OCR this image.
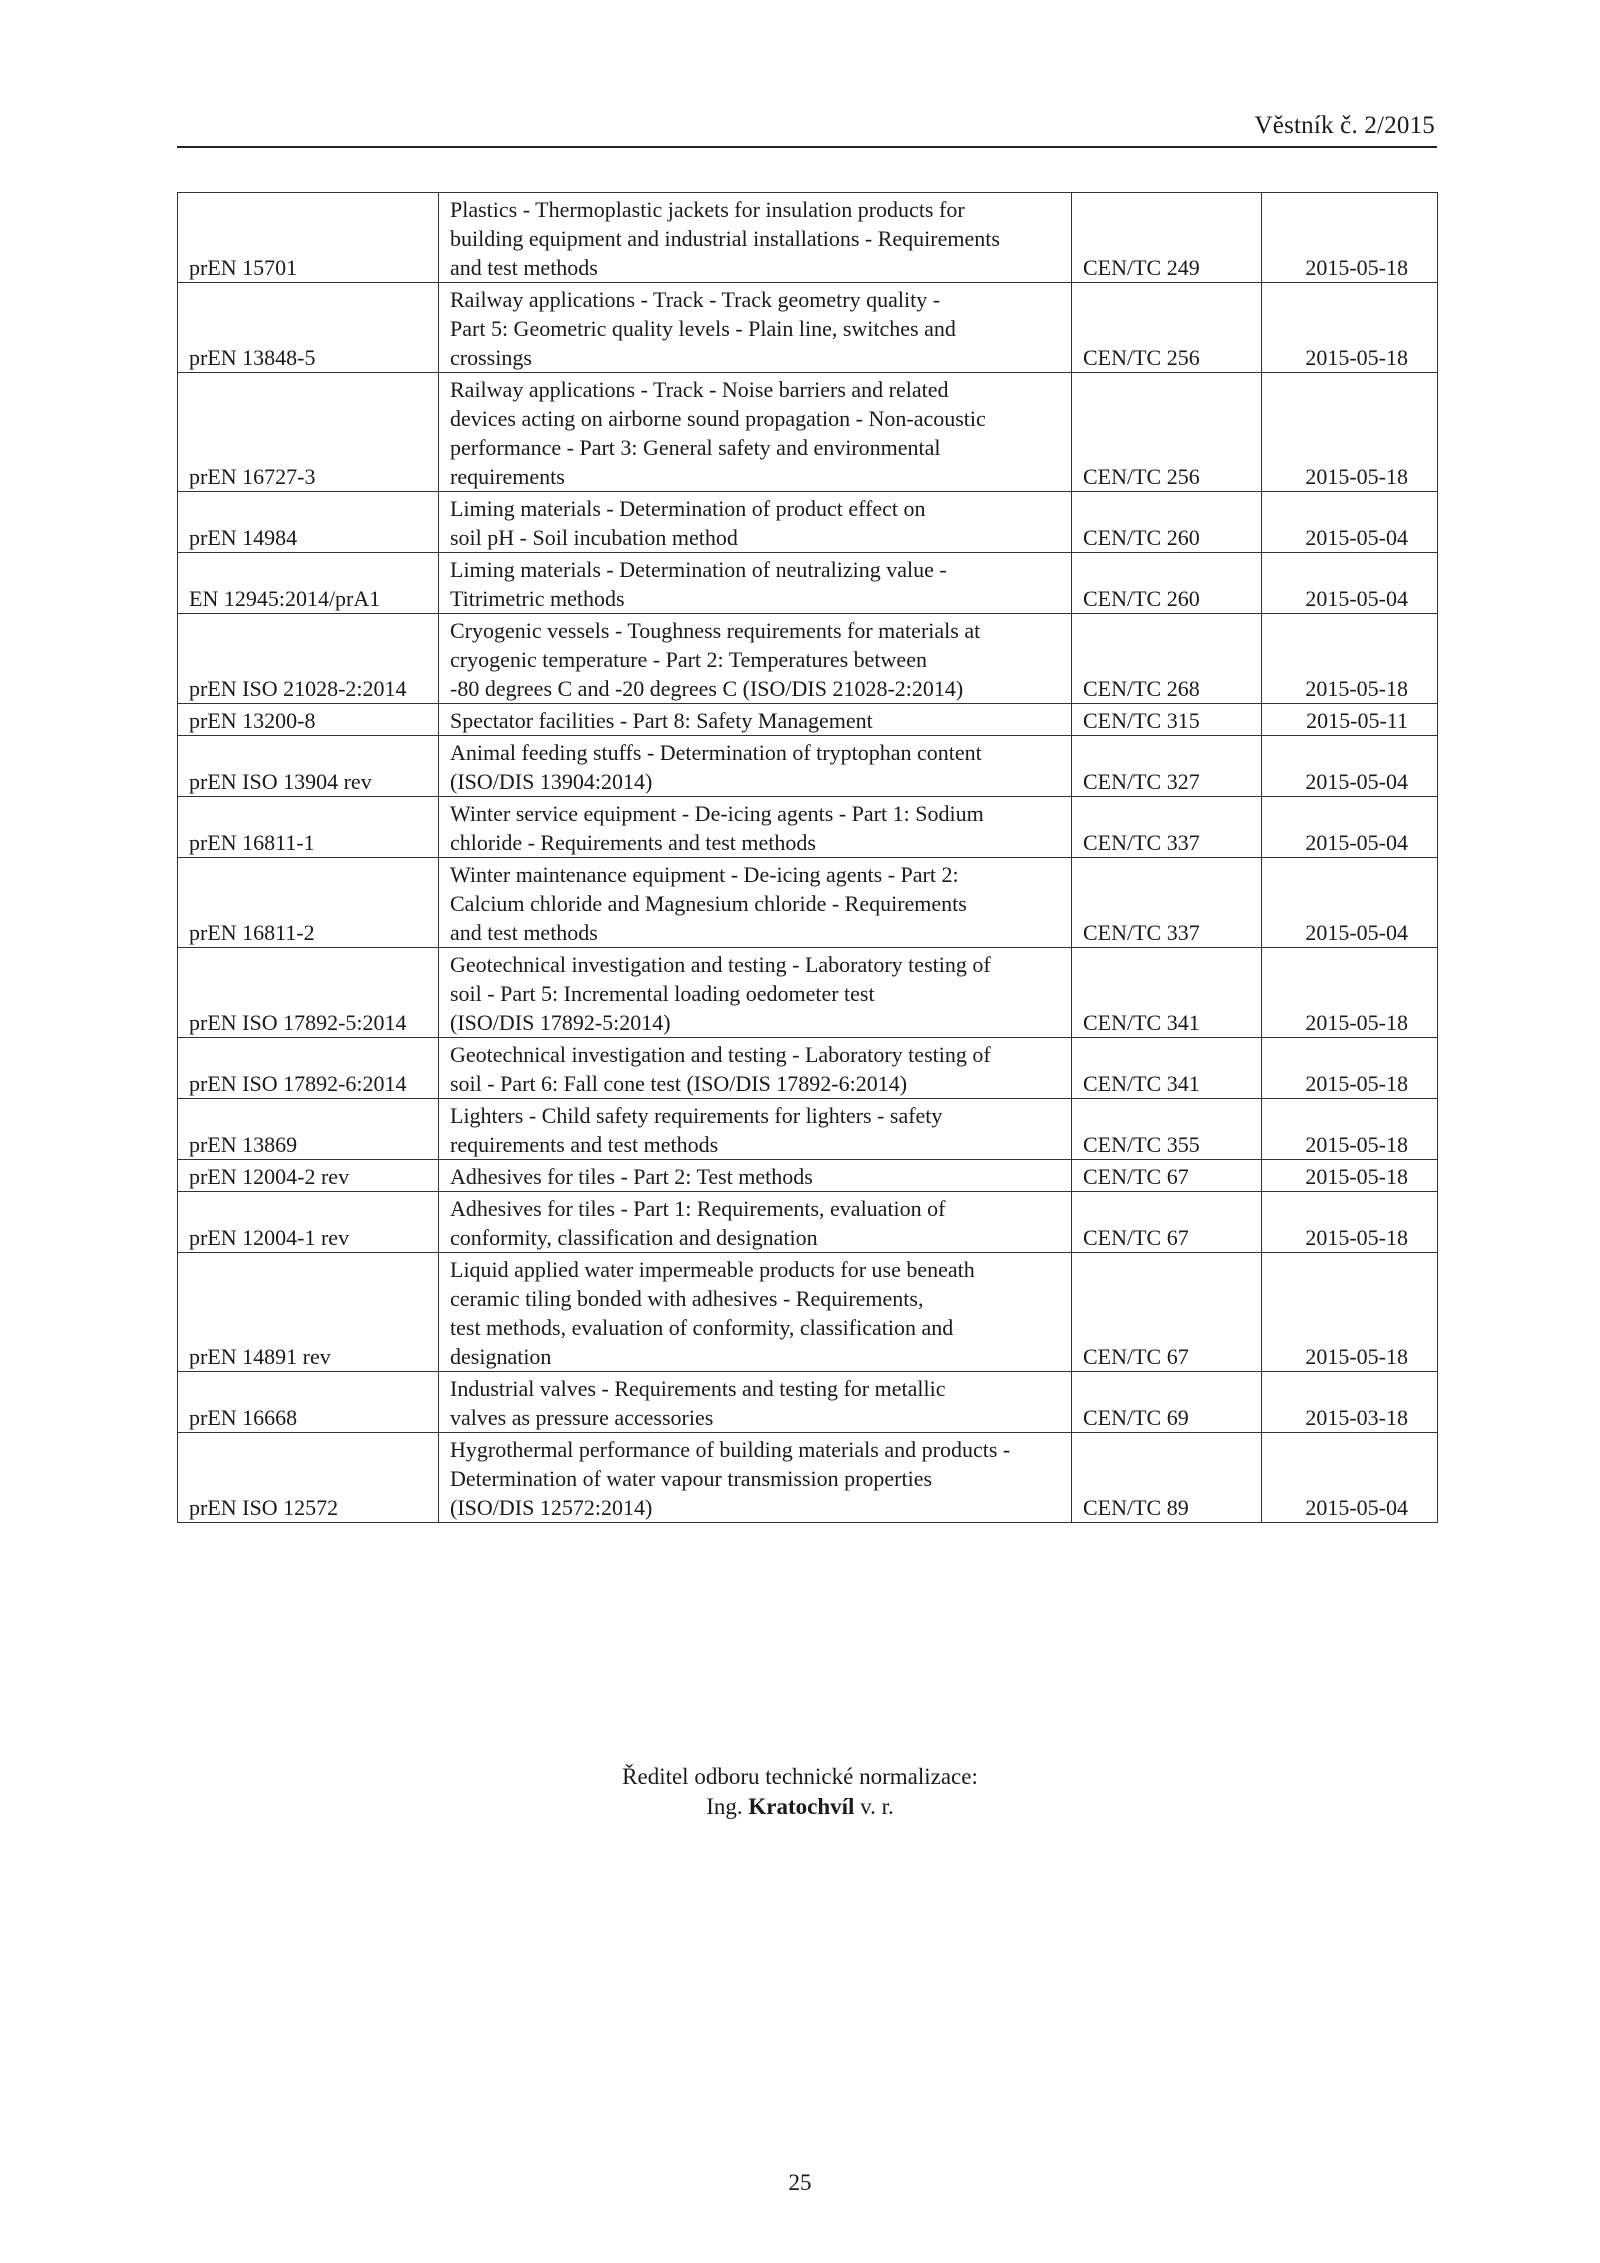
Věstník č. 2/2015
prEN 15701	Plastics - Thermoplastic jackets for insulation products for
building equipment and industrial installations - Requirements
and test methods	CEN/TC 249	2015-05-18
prEN 13848-5	Railway applications - Track - Track geometry quality -
Part 5: Geometric quality levels - Plain line, switches and
crossings	CEN/TC 256	2015-05-18
prEN 16727-3	Railway applications - Track - Noise barriers and related
devices acting on airborne sound propagation - Non-acoustic
performance - Part 3: General safety and environmental
requirements	CEN/TC 256	2015-05-18
prEN 14984	Liming materials - Determination of product effect on
soil pH - Soil incubation method	CEN/TC 260	2015-05-04
EN 12945:2014/prA1	Liming materials - Determination of neutralizing value -
Titrimetric methods	CEN/TC 260	2015-05-04
prEN ISO 21028-2:2014	Cryogenic vessels - Toughness requirements for materials at
cryogenic temperature - Part 2: Temperatures between
-80 degrees C and -20 degrees C (ISO/DIS 21028-2:2014)	CEN/TC 268	2015-05-18
prEN 13200-8	Spectator facilities - Part 8: Safety Management	CEN/TC 315	2015-05-11
prEN ISO 13904 rev	Animal feeding stuffs - Determination of tryptophan content
(ISO/DIS 13904:2014)	CEN/TC 327	2015-05-04
prEN 16811-1	Winter service equipment - De-icing agents - Part 1: Sodium
chloride - Requirements and test methods	CEN/TC 337	2015-05-04
prEN 16811-2	Winter maintenance equipment - De-icing agents - Part 2:
Calcium chloride and Magnesium chloride - Requirements
and test methods	CEN/TC 337	2015-05-04
prEN ISO 17892-5:2014	Geotechnical investigation and testing - Laboratory testing of
soil - Part 5: Incremental loading oedometer test
(ISO/DIS 17892-5:2014)	CEN/TC 341	2015-05-18
prEN ISO 17892-6:2014	Geotechnical investigation and testing - Laboratory testing of
soil - Part 6: Fall cone test (ISO/DIS 17892-6:2014)	CEN/TC 341	2015-05-18
prEN 13869	Lighters - Child safety requirements for lighters - safety
requirements and test methods	CEN/TC 355	2015-05-18
prEN 12004-2 rev	Adhesives for tiles - Part 2: Test methods	CEN/TC 67	2015-05-18
prEN 12004-1 rev	Adhesives for tiles - Part 1: Requirements, evaluation of
conformity, classification and designation	CEN/TC 67	2015-05-18
prEN 14891 rev	Liquid applied water impermeable products for use beneath
ceramic tiling bonded with adhesives - Requirements,
test methods, evaluation of conformity, classification and
designation	CEN/TC 67	2015-05-18
prEN 16668	Industrial valves - Requirements and testing for metallic
valves as pressure accessories	CEN/TC 69	2015-03-18
prEN ISO 12572	Hygrothermal performance of building materials and products -
Determination of water vapour transmission properties
(ISO/DIS 12572:2014)	CEN/TC 89	2015-05-04
Ředitel odboru technické normalizace:
Ing. Kratochvíl v. r.
25
